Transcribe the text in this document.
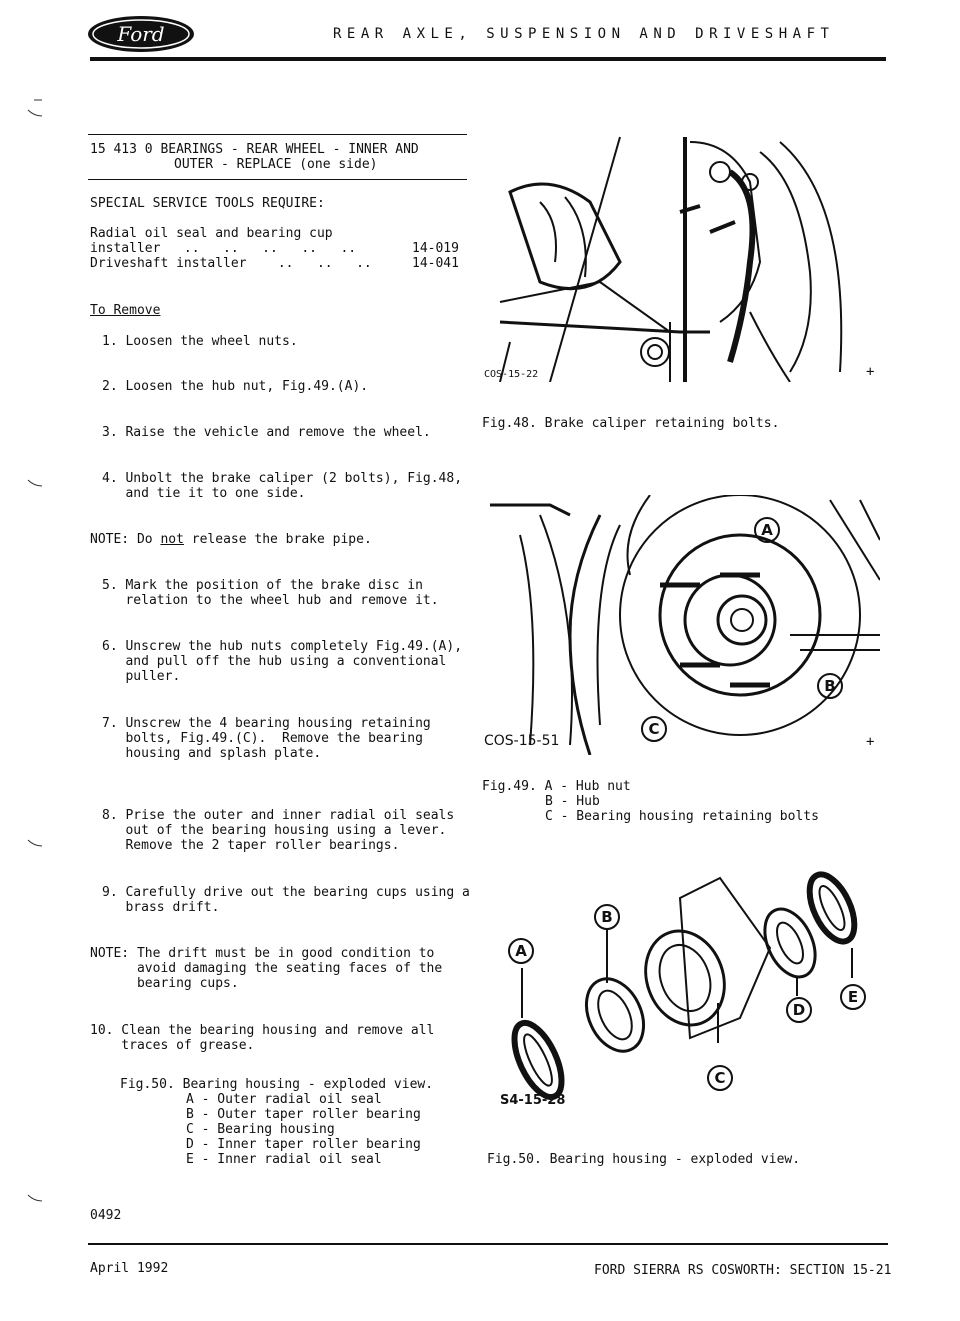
Ford	REAR AXLE, SUSPENSION AND DRIVESHAFT
15 413 0 BEARINGS - REAR WHEEL - INNER AND
OUTER - REPLACE (one side)
SPECIAL SERVICE TOOLS REQUIRE:
Radial oil seal and bearing cup
installer   ..   ..   ..   ..   ..	14-019
Driveshaft installer    ..   ..   ..	14-041
To Remove
1. Loosen the wheel nuts.
2. Loosen the hub nut, Fig.49.(A).
3. Raise the vehicle and remove the wheel.
4. Unbolt the brake caliper (2 bolts), Fig.48,
and tie it to one side.
NOTE: Do not release the brake pipe.
5. Mark the position of the brake disc in
relation to the wheel hub and remove it.
6. Unscrew the hub nuts completely Fig.49.(A),
and pull off the hub using a conventional
puller.
7. Unscrew the 4 bearing housing retaining
bolts, Fig.49.(C).  Remove the bearing
housing and splash plate.
8. Prise the outer and inner radial oil seals
out of the bearing housing using a lever.
Remove the 2 taper roller bearings.
9. Carefully drive out the bearing cups using a
brass drift.
NOTE: The drift must be in good condition to
avoid damaging the seating faces of the
bearing cups.
10. Clean the bearing housing and remove all
traces of grease.
Fig.50. Bearing housing - exploded view.
A - Outer radial oil seal
B - Outer taper roller bearing
C - Bearing housing
D - Inner taper roller bearing
E - Inner radial oil seal
0492
COS-15-22
Fig.48. Brake caliper retaining bolts.
+
A
B
C
COS-15-51
Fig.49. A - Hub nut
B - Hub
C - Bearing housing retaining bolts
+
A
B
C
D
E
S4-15-28
Fig.50. Bearing housing - exploded view.
April 1992	FORD SIERRA RS COSWORTH: SECTION 15-21
